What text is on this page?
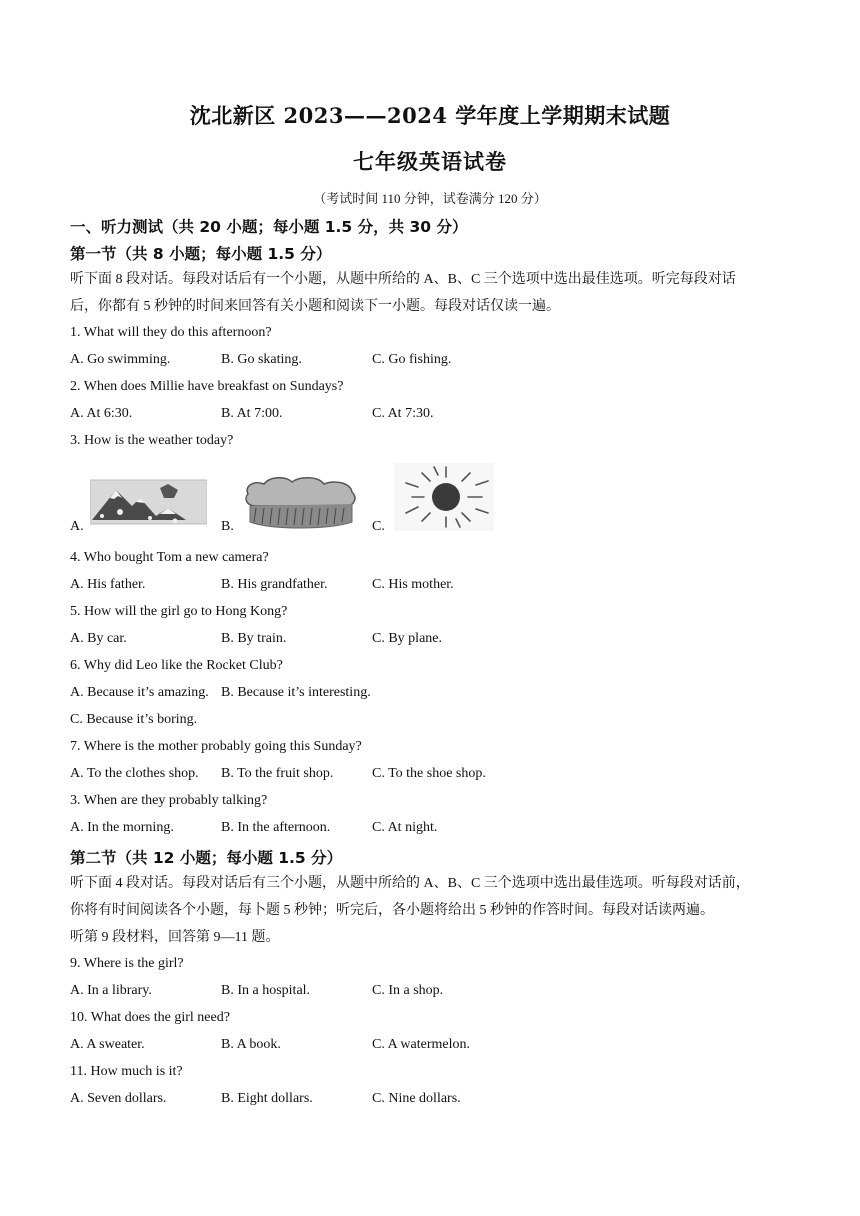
沈北新区 2023——2024 学年度上学期期末试题
七年级英语试卷
（考试时间 110 分钟，试卷满分 120 分）
一、听力测试（共 20 小题；每小题 1.5 分，共 30 分）
第一节（共 8 小题；每小题 1.5 分）
听下面 8 段对话。每段对话后有一个小题，从题中所给的 A、B、C 三个选项中选出最佳选项。听完每段对话
后，你都有 5 秒钟的时间来回答有关小题和阅读下一小题。每段对话仅读一遍。
1. What will they do this afternoon?
A. Go swimming.	B. Go skating.	C. Go fishing.
2. When does Millie have breakfast on Sundays?
A. At 6:30.	B. At 7:00.	C. At 7:30.
3. How is the weather today?
A.	B.	C.
4. Who bought Tom a new camera?
A. His father.	B. His grandfather.	C. His mother.
5. How will the girl go to Hong Kong?
A. By car.	B. By train.	C. By plane.
6. Why did Leo like the Rocket Club?
A. Because it’s amazing. B. Because it’s interesting.
C. Because it’s boring.
7. Where is the mother probably going this Sunday?
A. To the clothes shop. B. To the fruit shop.	C. To the shoe shop.
3. When are they probably talking?
A. In the morning.	B. In the afternoon.	C. At night.
第二节（共 12 小题；每小题 1.5 分）
听下面 4 段对话。每段对话后有三个小题，从题中所给的 A、B、C 三个选项中选出最佳选项。听每段对话前，
你将有时间阅读各个小题，每卜题 5 秒钟；听完后，各小题将给出 5 秒钟的作答时间。每段对话读两遍。
听第 9 段材料，回答第 9—11 题。
9. Where is the girl?
A. In a library.	B. In a hospital.	C. In a shop.
10. What does the girl need?
A. A sweater.	B. A book.	C. A watermelon.
11. How much is it?
A. Seven dollars.	B. Eight dollars.	C. Nine dollars.
